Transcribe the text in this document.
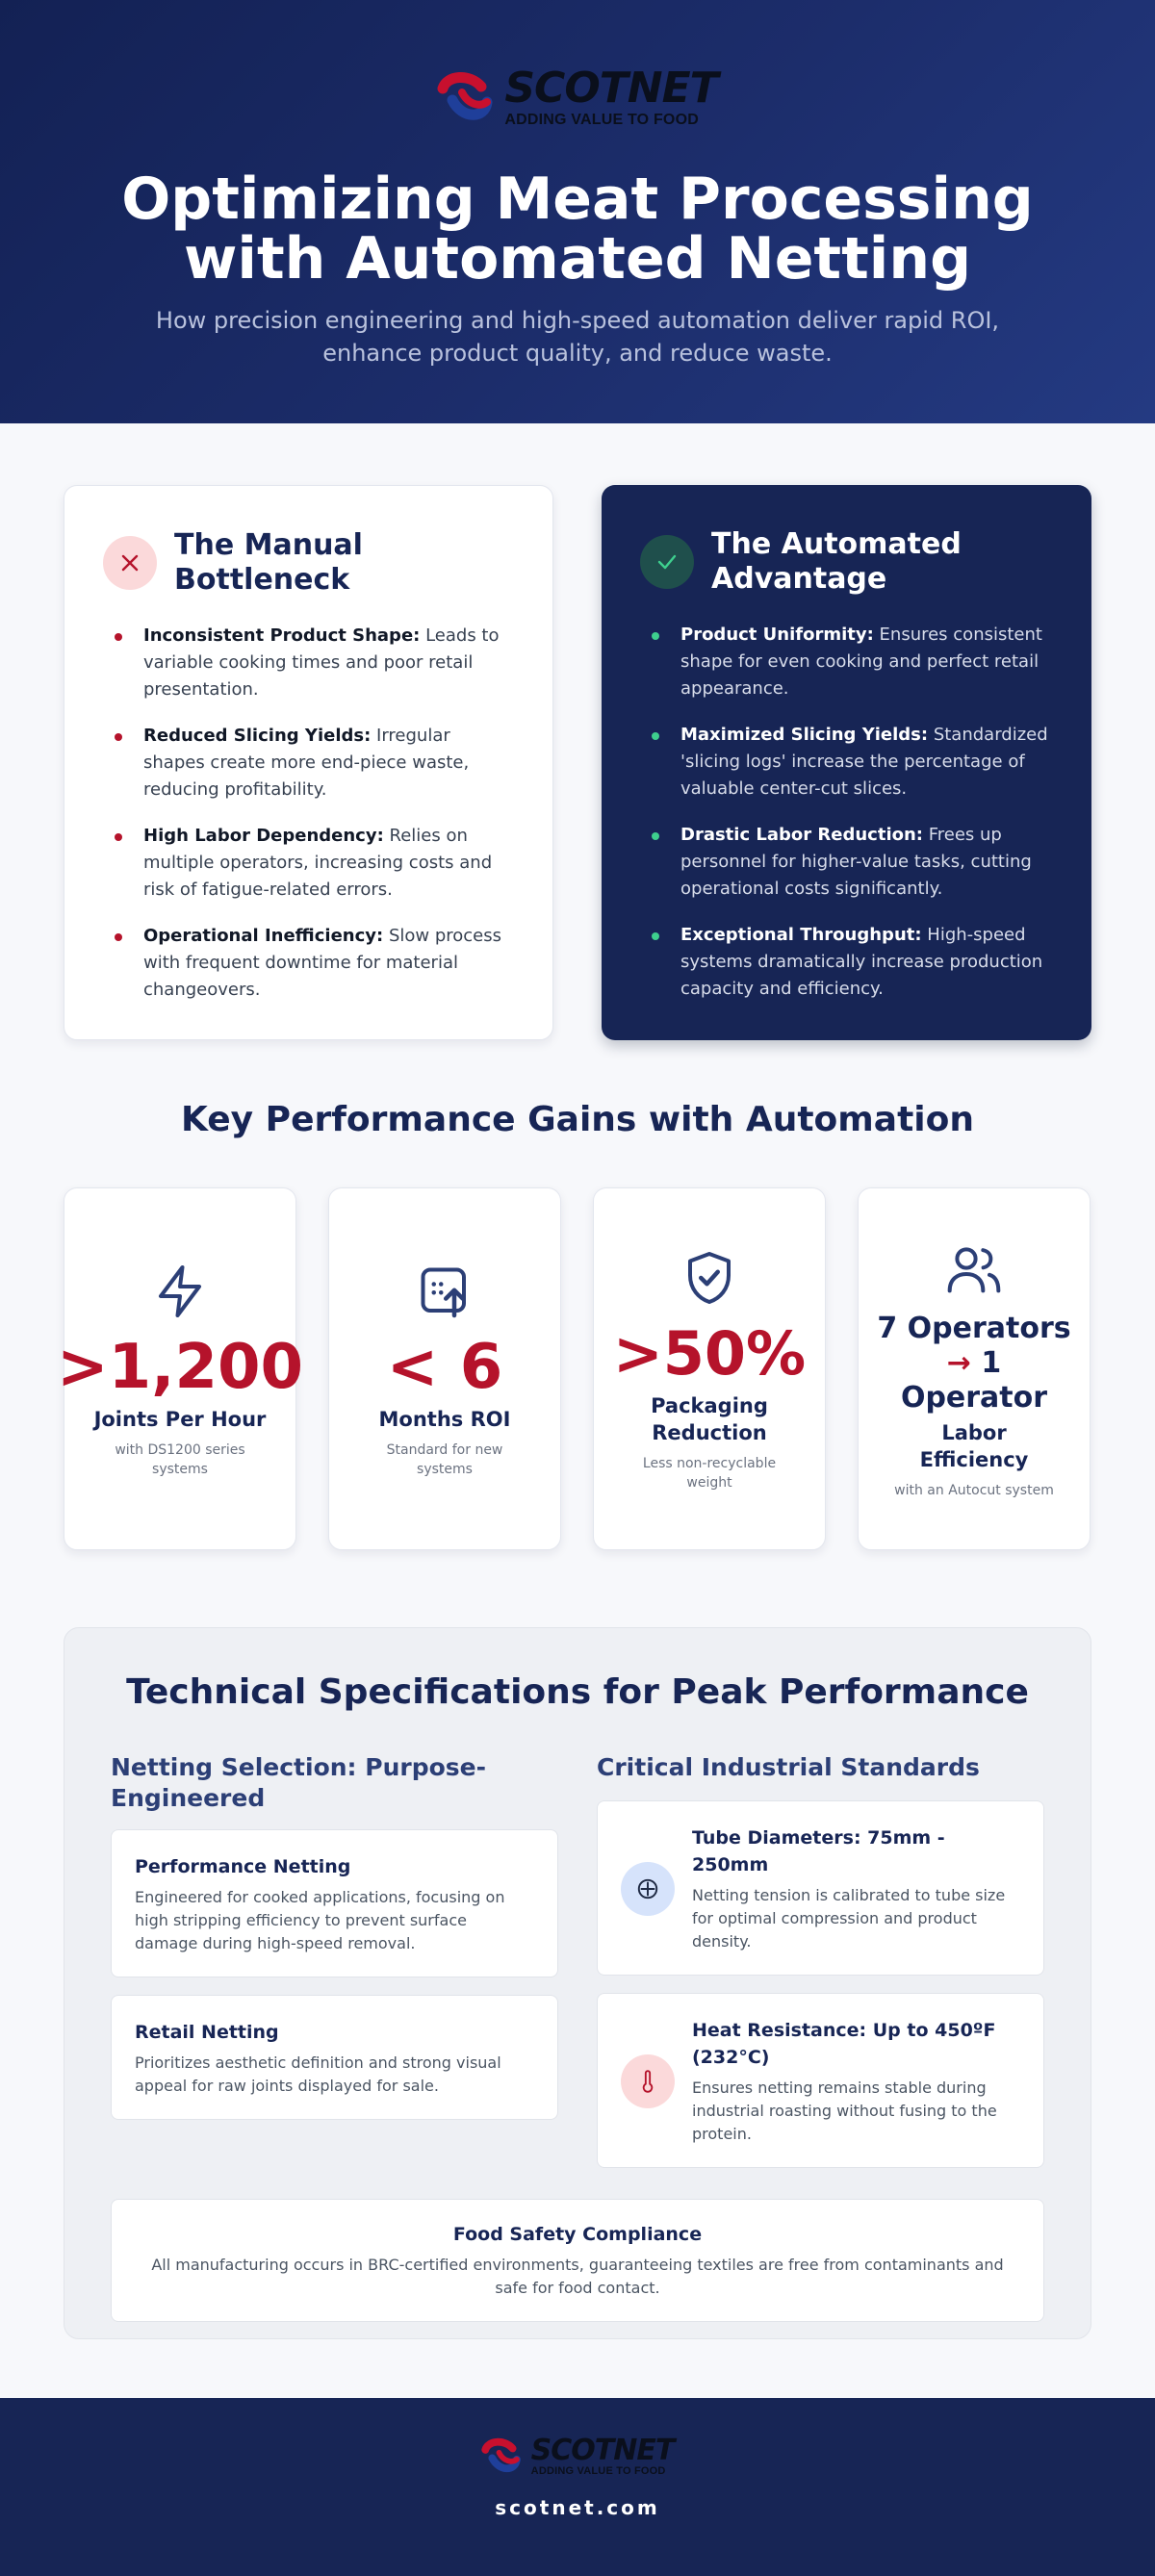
SCOTNET
ADDING VALUE TO FOOD
Optimizing Meat Processing
with Automated Netting
How precision engineering and high-speed automation deliver rapid ROI,
enhance product quality, and reduce waste.
The Manual
Bottleneck
Inconsistent Product Shape: Leads to variable cooking times and poor retail presentation.
Reduced Slicing Yields: Irregular shapes create more end-piece waste, reducing profitability.
High Labor Dependency: Relies on multiple operators, increasing costs and risk of fatigue-related errors.
Operational Inefficiency: Slow process with frequent downtime for material changeovers.
The Automated
Advantage
Product Uniformity: Ensures consistent shape for even cooking and perfect retail appearance.
Maximized Slicing Yields: Standardized 'slicing logs' increase the percentage of valuable center-cut slices.
Drastic Labor Reduction: Frees up personnel for higher-value tasks, cutting operational costs significantly.
Exceptional Throughput: High-speed systems dramatically increase production capacity and efficiency.
Key Performance Gains with Automation
>1,200
Joints Per Hour
with DS1200 series systems
< 6
Months ROI
Standard for new systems
>50%
Packaging Reduction
Less non-recyclable weight
7 Operators
→ 1
Operator
Labor Efficiency
with an Autocut system
Technical Specifications for Peak Performance
Netting Selection: Purpose-Engineered
Performance Netting
Engineered for cooked applications, focusing on high stripping efficiency to prevent surface damage during high-speed removal.
Retail Netting
Prioritizes aesthetic definition and strong visual appeal for raw joints displayed for sale.
Critical Industrial Standards
Tube Diameters: 75mm - 250mm
Netting tension is calibrated to tube size for optimal compression and product density.
Heat Resistance: Up to 450ºF (232°C)
Ensures netting remains stable during industrial roasting without fusing to the protein.
Food Safety Compliance
All manufacturing occurs in BRC-certified environments, guaranteeing textiles are free from contaminants and safe for food contact.
SCOTNET
ADDING VALUE TO FOOD
scotnet.com
